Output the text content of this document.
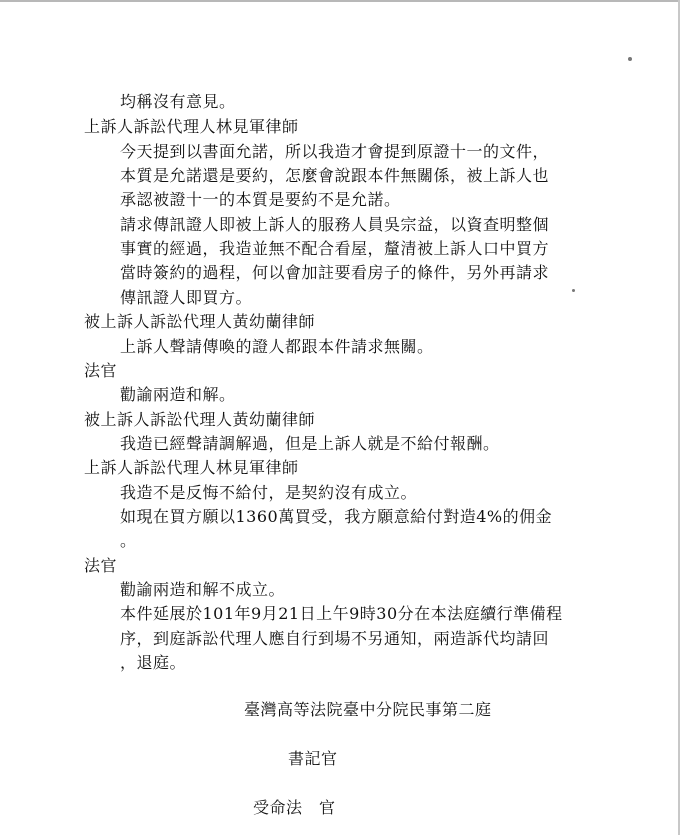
均稱沒有意見。
上訴人訴訟代理人林見軍律師
今天提到以書面允諾，所以我造才會提到原證十一的文件，
本質是允諾還是要約，怎麼會說跟本件無關係，被上訴人也
承認被證十一的本質是要約不是允諾。
請求傳訊證人即被上訴人的服務人員吳宗益，以資查明整個
事實的經過，我造並無不配合看屋，釐清被上訴人口中買方
當時簽約的過程，何以會加註要看房子的條件，另外再請求
傳訊證人即買方。
被上訴人訴訟代理人黃幼蘭律師
上訴人聲請傳喚的證人都跟本件請求無關。
法官
勸諭兩造和解。
被上訴人訴訟代理人黃幼蘭律師
我造已經聲請調解過，但是上訴人就是不給付報酬。
上訴人訴訟代理人林見軍律師
我造不是反悔不給付，是契約沒有成立。
如現在買方願以1360萬買受，我方願意給付對造4%的佣金
。
法官
勸諭兩造和解不成立。
本件延展於101年9月21日上午9時30分在本法庭續行準備程
序，到庭訴訟代理人應自行到場不另通知，兩造訴代均請回
，退庭。
臺灣高等法院臺中分院民事第二庭
書記官
受命法　官
